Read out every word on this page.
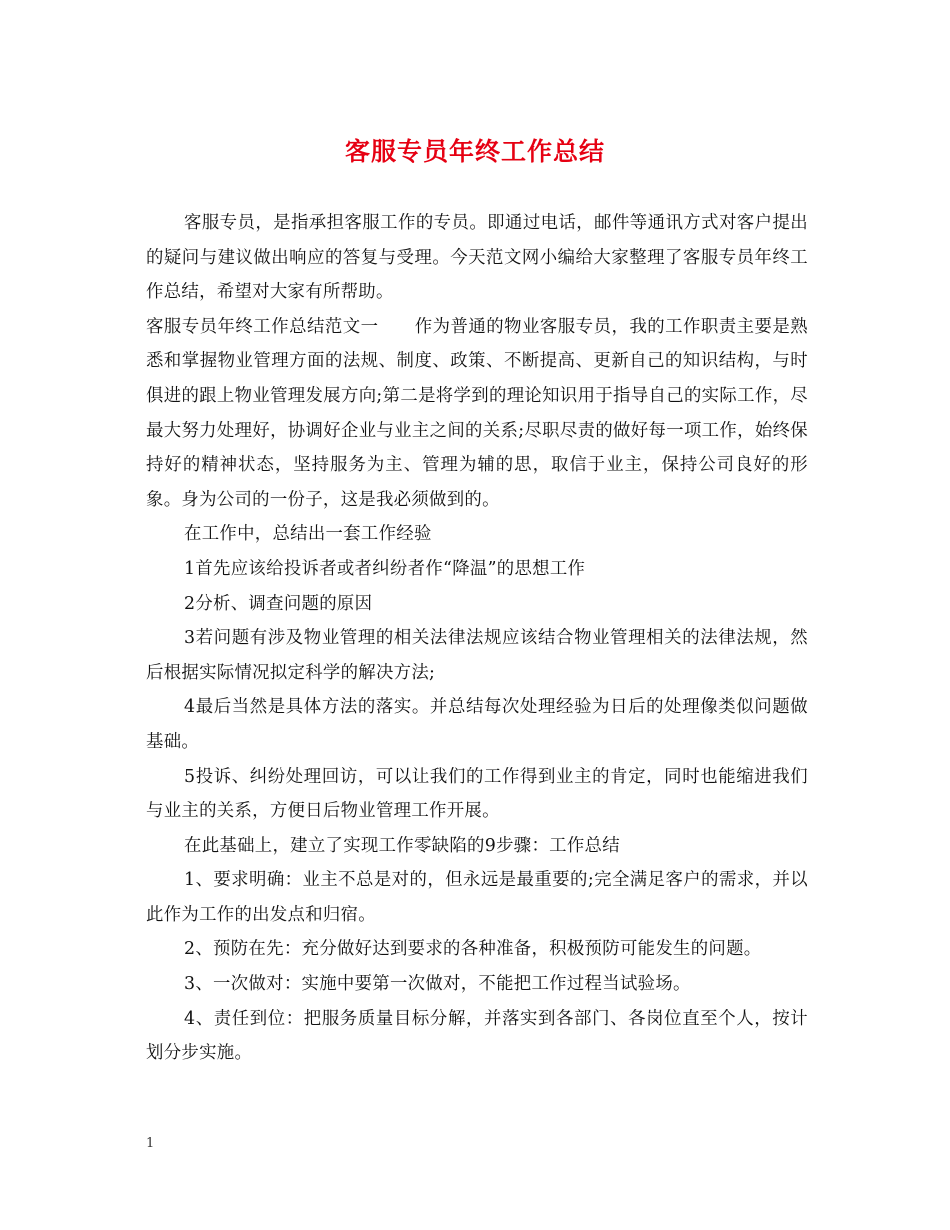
客服专员年终工作总结

客服专员，是指承担客服工作的专员。即通过电话，邮件等通讯方式对客户提出的疑问与建议做出响应的答复与受理。今天范文网小编给大家整理了客服专员年终工作总结，希望对大家有所帮助。

客服专员年终工作总结范文一 作为普通的物业客服专员，我的工作职责主要是熟悉和掌握物业管理方面的法规、制度、政策、不断提高、更新自己的知识结构，与时俱进的跟上物业管理发展方向;第二是将学到的理论知识用于指导自己的实际工作，尽最大努力处理好，协调好企业与业主之间的关系;尽职尽责的做好每一项工作，始终保持好的精神状态，坚持服务为主、管理为辅的思，取信于业主，保持公司良好的形象。身为公司的一份子，这是我必须做到的。

在工作中，总结出一套工作经验

1首先应该给投诉者或者纠纷者作“降温”的思想工作

2分析、调查问题的原因

3若问题有涉及物业管理的相关法律法规应该结合物业管理相关的法律法规，然后根据实际情况拟定科学的解决方法;

4最后当然是具体方法的落实。并总结每次处理经验为日后的处理像类似问题做基础。

5投诉、纠纷处理回访，可以让我们的工作得到业主的肯定，同时也能缩进我们与业主的关系，方便日后物业管理工作开展。

在此基础上，建立了实现工作零缺陷的9步骤：工作总结

1、要求明确：业主不总是对的，但永远是最重要的;完全满足客户的需求，并以此作为工作的出发点和归宿。

2、预防在先：充分做好达到要求的各种准备，积极预防可能发生的问题。

3、一次做对：实施中要第一次做对，不能把工作过程当试验场。

4、责任到位：把服务质量目标分解，并落实到各部门、各岗位直至个人，按计划分步实施。

1
